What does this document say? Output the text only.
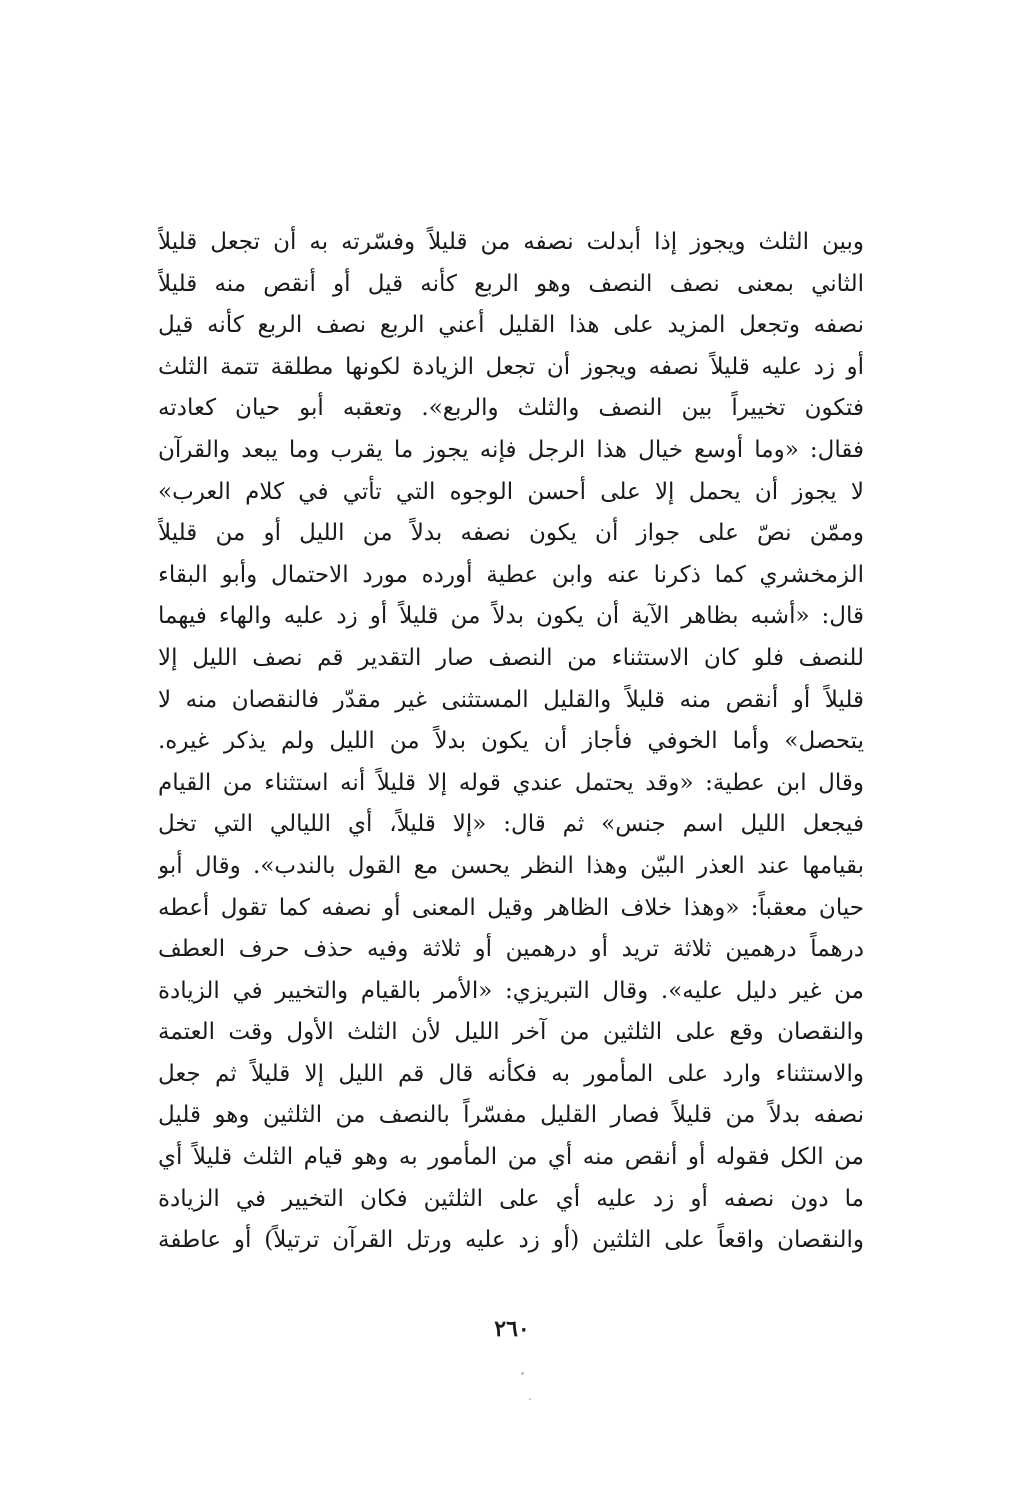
وبين الثلث ويجوز إذا أبدلت نصفه من قليلاً وفسّرته به أن تجعل قليلاً
الثاني بمعنى نصف النصف وهو الربع كأنه قيل أو أنقص منه قليلاً
نصفه وتجعل المزيد على هذا القليل أعني الربع نصف الربع كأنه قيل
أو زد عليه قليلاً نصفه ويجوز أن تجعل الزيادة لكونها مطلقة تتمة الثلث
فتكون تخييراً بين النصف والثلث والربع». وتعقبه أبو حيان كعادته
فقال: «وما أوسع خيال هذا الرجل فإنه يجوز ما يقرب وما يبعد والقرآن
لا يجوز أن يحمل إلا على أحسن الوجوه التي تأتي في كلام العرب»
وممّن نصّ على جواز أن يكون نصفه بدلاً من الليل أو من قليلاً
الزمخشري كما ذكرنا عنه وابن عطية أورده مورد الاحتمال وأبو البقاء
قال: «أشبه بظاهر الآية أن يكون بدلاً من قليلاً أو زد عليه والهاء فيهما
للنصف فلو كان الاستثناء من النصف صار التقدير قم نصف الليل إلا
قليلاً أو أنقص منه قليلاً والقليل المستثنى غير مقدّر فالنقصان منه لا
يتحصل» وأما الخوفي فأجاز أن يكون بدلاً من الليل ولم يذكر غيره.
وقال ابن عطية: «وقد يحتمل عندي قوله إلا قليلاً أنه استثناء من القيام
فيجعل الليل اسم جنس» ثم قال: «إلا قليلاً، أي الليالي التي تخل
بقيامها عند العذر البيّن وهذا النظر يحسن مع القول بالندب». وقال أبو
حيان معقباً: «وهذا خلاف الظاهر وقيل المعنى أو نصفه كما تقول أعطه
درهماً درهمين ثلاثة تريد أو درهمين أو ثلاثة وفيه حذف حرف العطف
من غير دليل عليه». وقال التبريزي: «الأمر بالقيام والتخيير في الزيادة
والنقصان وقع على الثلثين من آخر الليل لأن الثلث الأول وقت العتمة
والاستثناء وارد على المأمور به فكأنه قال قم الليل إلا قليلاً ثم جعل
نصفه بدلاً من قليلاً فصار القليل مفسّراً بالنصف من الثلثين وهو قليل
من الكل فقوله أو أنقص منه أي من المأمور به وهو قيام الثلث قليلاً أي
ما دون نصفه أو زد عليه أي على الثلثين فكان التخيير في الزيادة
والنقصان واقعاً على الثلثين (أو زد عليه ورتل القرآن ترتيلاً) أو عاطفة
٢٦٠
